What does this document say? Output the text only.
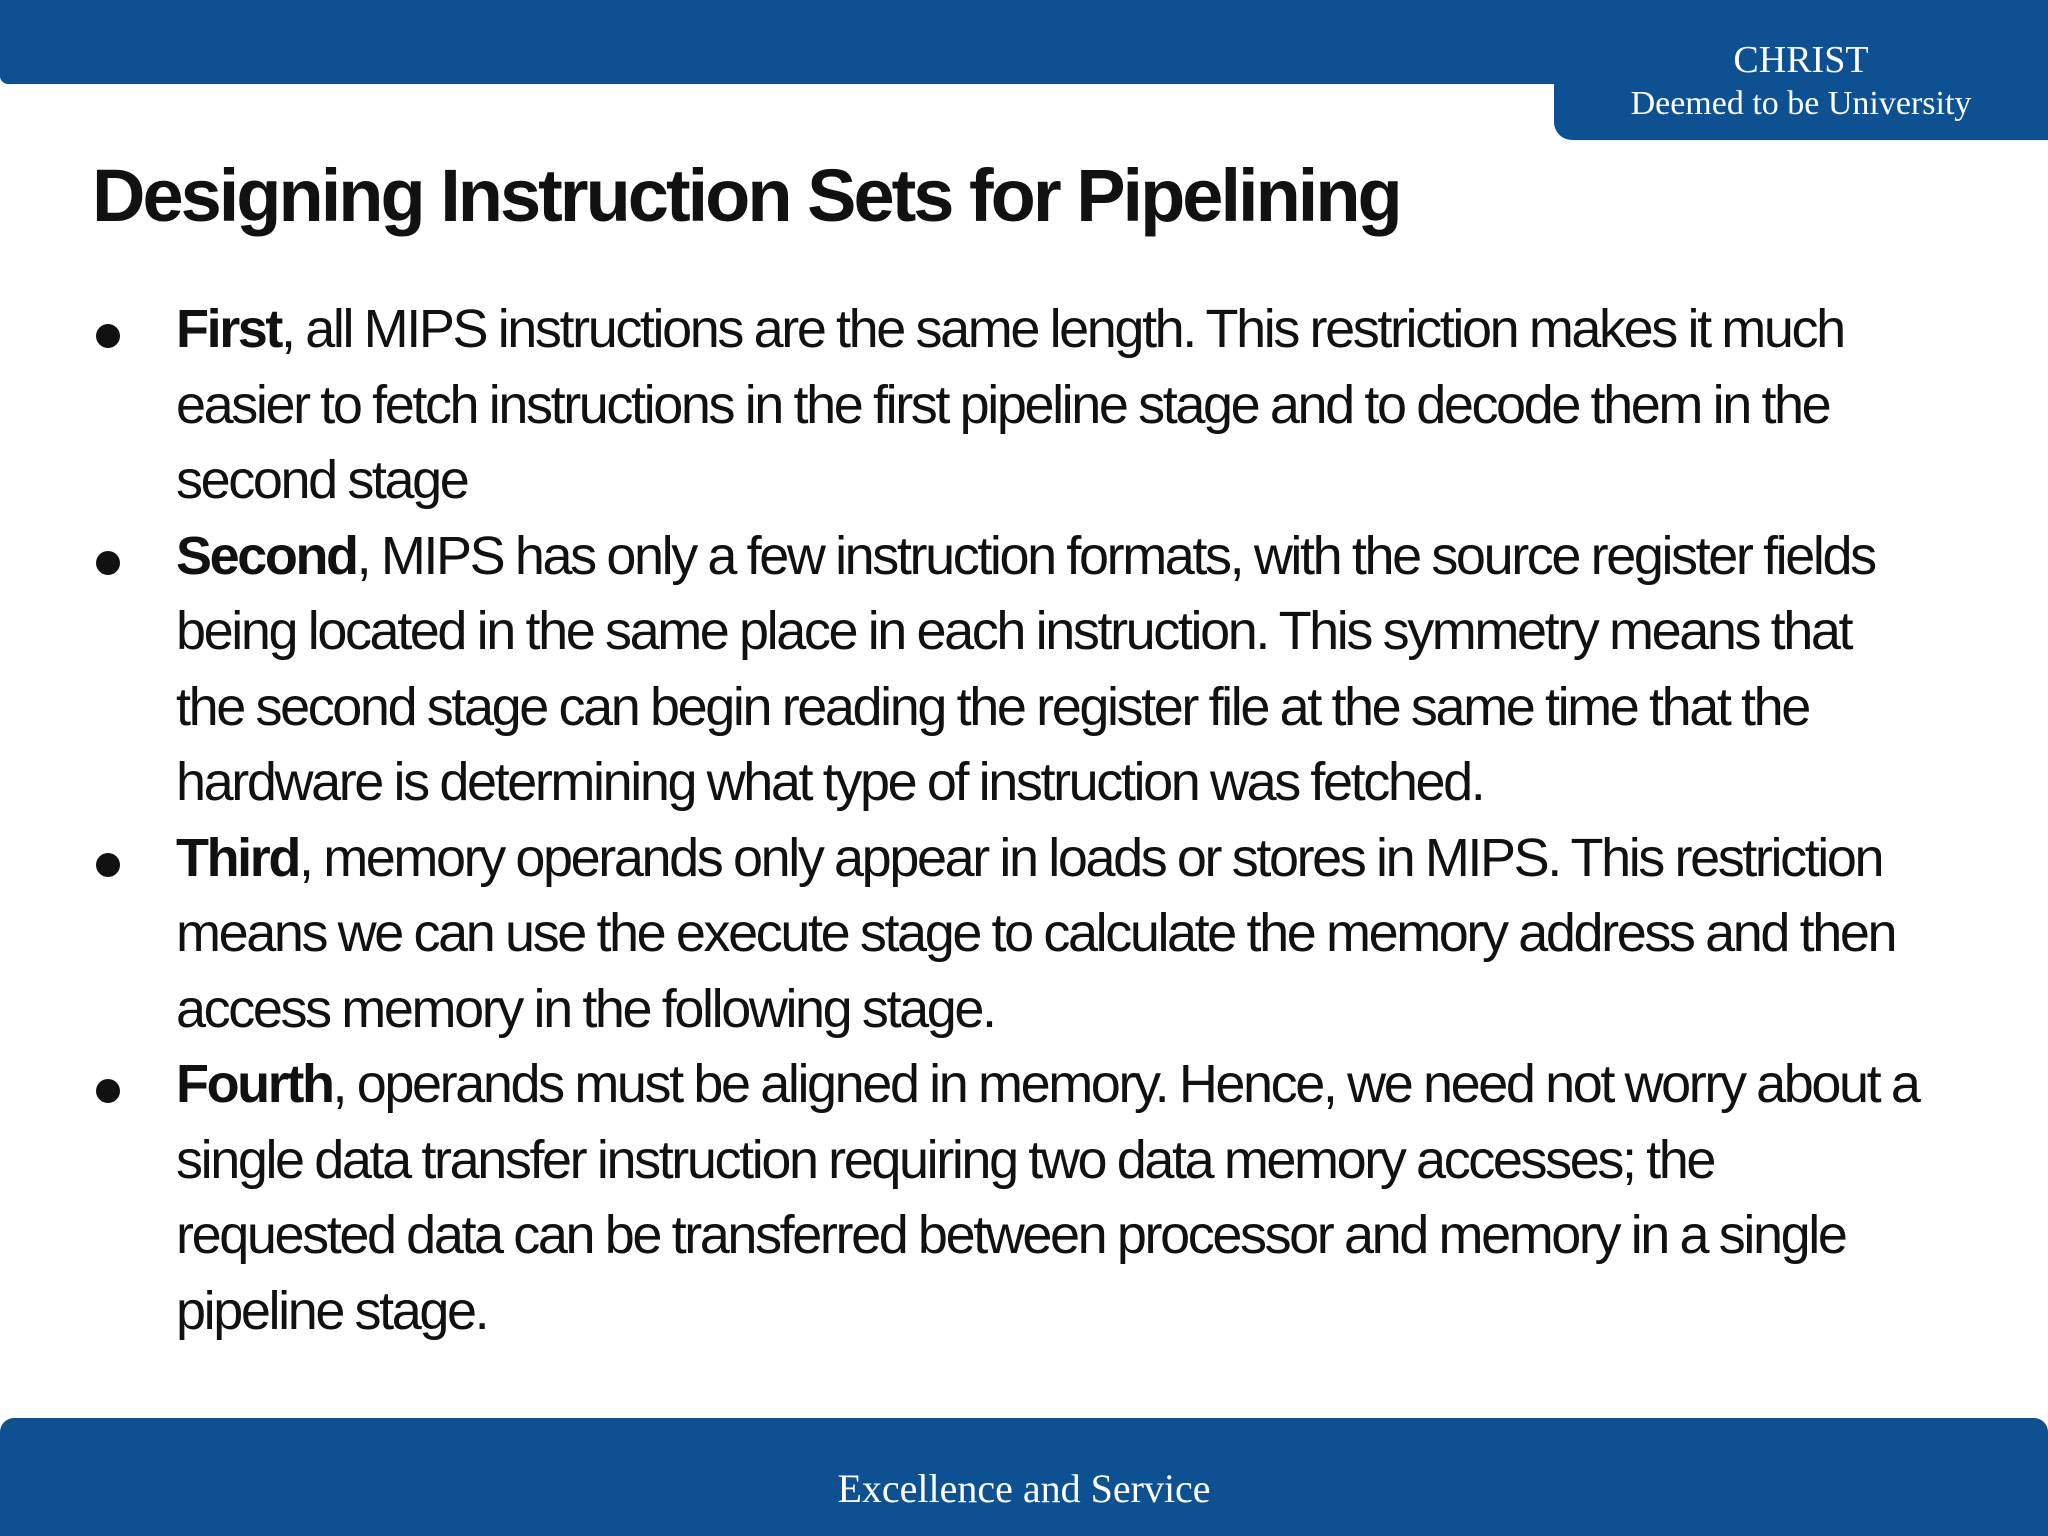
CHRIST

Deemed to be University

Designing Instruction Sets for Pipelining
First, all MIPS instructions are the same length. This restriction makes it much easier to fetch instructions in the first pipeline stage and to decode them in the second stage
Second, MIPS has only a few instruction formats, with the source register fields being located in the same place in each instruction. This symmetry means that the second stage can begin reading the register file at the same time that the hardware is determining what type of instruction was fetched.
Third, memory operands only appear in loads or stores in MIPS. This restriction means we can use the execute stage to calculate the memory address and then access memory in the following stage.
Fourth, operands must be aligned in memory. Hence, we need not worry about a single data transfer instruction requiring two data memory accesses; the requested data can be transferred between processor and memory in a single pipeline stage.

Excellence and Service
